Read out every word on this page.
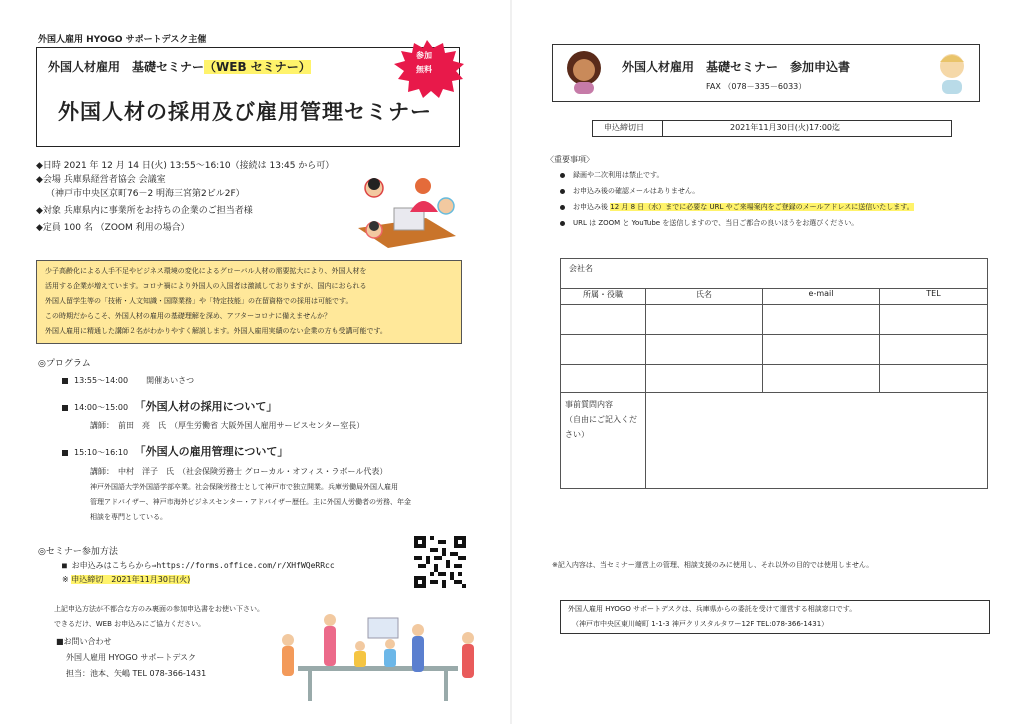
外国人雇用 HYOGO サポートデスク主催
外国人材雇用　基礎セミナー（WEB セミナー）
外国人材の採用及び雇用管理セミナー
参加
無料
◆日時 2021 年 12 月 14 日(火) 13:55～16:10（接続は 13:45 から可）
◆会場 兵庫県経営者協会 会議室
（神戸市中央区京町76－2 明海三宮第2ビル2F）
◆対象 兵庫県内に事業所をお持ちの企業のご担当者様
◆定員 100 名 （ZOOM 利用の場合）
少子高齢化による人手不足やビジネス環境の変化によるグローバル人材の需要拡大により、外国人材を
活用する企業が増えています。コロナ禍により外国人の入国者は激減しておりますが、国内におられる
外国人留学生等の「技術・人文知識・国際業務」や「特定技能」の在留資格での採用は可能です。
この時期だからこそ、外国人材の雇用の基礎理解を深め、アフターコロナに備えませんか？
外国人雇用に精通した講師２名がわかりやすく解説します。外国人雇用実績のない企業の方も受講可能です。
◎プログラム
13:55～14:00　 開催あいさつ
14:00～15:00 「外国人材の採用について」
講師：　前田　亮　氏　（厚生労働省 大阪外国人雇用サービスセンター室長）
15:10～16:10 「外国人の雇用管理について」
講師：　中村　洋子　氏　（社会保険労務士 グローカル・オフィス・ラボール代表）
神戸外国語大学外国語学部卒業。社会保険労務士として神戸市で独立開業。兵庫労働局外国人雇用
管理アドバイザー、神戸市海外ビジネスセンター・アドバイザー歴任。主に外国人労働者の労務、年金
相談を専門としている。
◎セミナー参加方法
■ お申込みはこちらから⇒https://forms.office.com/r/XHfWQeRRcc
※ 申込締切　2021年11月30日(火)
上記申込方法が不都合な方のみ裏面の参加申込書をお使い下さい。
できるだけ、WEB お申込みにご協力ください。
■お問い合わせ
外国人雇用 HYOGO サポートデスク
担当：池本、矢嶋 TEL 078-366-1431
外国人材雇用　基礎セミナー　参加申込書
FAX （078－335－6033）
申込締切日	2021年11月30日(火)17:00迄
〈重要事項〉
録画や二次利用は禁止です。
お申込み後の確認メールはありません。
お申込み後 12 月 8 日（水）までに必要な URL やご来場案内をご登録のメールアドレスに送信いたします。
URL は ZOOM と YouTube を送信しますので、当日ご都合の良いほうをお選びください。
会社名			
所属・役職	氏名	e-mail	TEL

事前質問内容
（自由にご記入くだ
さい）			

※記入内容は、当セミナー運営上の管理、相談支援のみに使用し、それ以外の目的では使用しません。
外国人雇用 HYOGO サポートデスクは、兵庫県からの委託を受けて運営する相談窓口です。
（神戸市中央区東川崎町 1-1-3 神戸クリスタルタワー12F TEL:078-366-1431）
